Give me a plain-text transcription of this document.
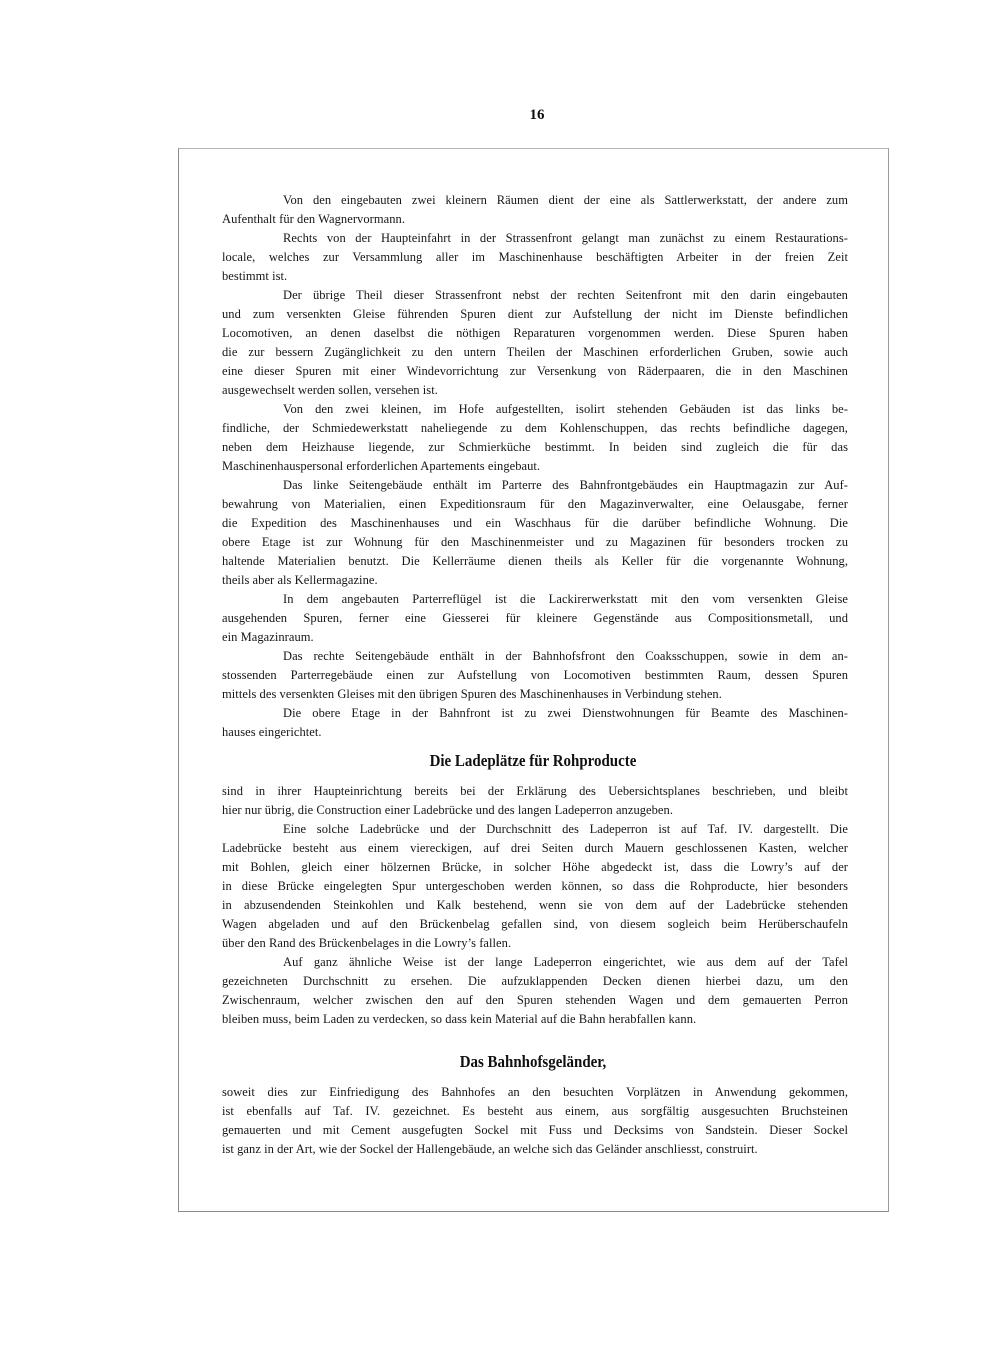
16
Von den eingebauten zwei kleinern Räumen dient der eine als Sattlerwerkstatt, der andere zum
Aufenthalt für den Wagnervormann.
Rechts von der Haupteinfahrt in der Strassenfront gelangt man zunächst zu einem Restaurations-
locale, welches zur Versammlung aller im Maschinenhause beschäftigten Arbeiter in der freien Zeit
bestimmt ist.
Der übrige Theil dieser Strassenfront nebst der rechten Seitenfront mit den darin eingebauten
und zum versenkten Gleise führenden Spuren dient zur Aufstellung der nicht im Dienste befindlichen
Locomotiven, an denen daselbst die nöthigen Reparaturen vorgenommen werden. Diese Spuren haben
die zur bessern Zugänglichkeit zu den untern Theilen der Maschinen erforderlichen Gruben, sowie auch
eine dieser Spuren mit einer Windevorrichtung zur Versenkung von Räderpaaren, die in den Maschinen
ausgewechselt werden sollen, versehen ist.
Von den zwei kleinen, im Hofe aufgestellten, isolirt stehenden Gebäuden ist das links be-
findliche, der Schmiedewerkstatt naheliegende zu dem Kohlenschuppen, das rechts befindliche dagegen,
neben dem Heizhause liegende, zur Schmierküche bestimmt. In beiden sind zugleich die für das
Maschinenhauspersonal erforderlichen Apartements eingebaut.
Das linke Seitengebäude enthält im Parterre des Bahnfrontgebäudes ein Hauptmagazin zur Auf-
bewahrung von Materialien, einen Expeditionsraum für den Magazinverwalter, eine Oelausgabe, ferner
die Expedition des Maschinenhauses und ein Waschhaus für die darüber befindliche Wohnung. Die
obere Etage ist zur Wohnung für den Maschinenmeister und zu Magazinen für besonders trocken zu
haltende Materialien benutzt. Die Kellerräume dienen theils als Keller für die vorgenannte Wohnung,
theils aber als Kellermagazine.
In dem angebauten Parterreflügel ist die Lackirerwerkstatt mit den vom versenkten Gleise
ausgehenden Spuren, ferner eine Giesserei für kleinere Gegenstände aus Compositionsmetall, und
ein Magazinraum.
Das rechte Seitengebäude enthält in der Bahnhofsfront den Coaksschuppen, sowie in dem an-
stossenden Parterregebäude einen zur Aufstellung von Locomotiven bestimmten Raum, dessen Spuren
mittels des versenkten Gleises mit den übrigen Spuren des Maschinenhauses in Verbindung stehen.
Die obere Etage in der Bahnfront ist zu zwei Dienstwohnungen für Beamte des Maschinen-
hauses eingerichtet.
Die Ladeplätze für Rohproducte
sind in ihrer Haupteinrichtung bereits bei der Erklärung des Uebersichtsplanes beschrieben, und bleibt
hier nur übrig, die Construction einer Ladebrücke und des langen Ladeperron anzugeben.
Eine solche Ladebrücke und der Durchschnitt des Ladeperron ist auf Taf. IV. dargestellt. Die
Ladebrücke besteht aus einem viereckigen, auf drei Seiten durch Mauern geschlossenen Kasten, welcher
mit Bohlen, gleich einer hölzernen Brücke, in solcher Höhe abgedeckt ist, dass die Lowry’s auf der
in diese Brücke eingelegten Spur untergeschoben werden können, so dass die Rohproducte, hier besonders
in abzusendenden Steinkohlen und Kalk bestehend, wenn sie von dem auf der Ladebrücke stehenden
Wagen abgeladen und auf den Brückenbelag gefallen sind, von diesem sogleich beim Herüberschaufeln
über den Rand des Brückenbelages in die Lowry’s fallen.
Auf ganz ähnliche Weise ist der lange Ladeperron eingerichtet, wie aus dem auf der Tafel
gezeichneten Durchschnitt zu ersehen. Die aufzuklappenden Decken dienen hierbei dazu, um den
Zwischenraum, welcher zwischen den auf den Spuren stehenden Wagen und dem gemauerten Perron
bleiben muss, beim Laden zu verdecken, so dass kein Material auf die Bahn herabfallen kann.
Das Bahnhofsgeländer,
soweit dies zur Einfriedigung des Bahnhofes an den besuchten Vorplätzen in Anwendung gekommen,
ist ebenfalls auf Taf. IV. gezeichnet. Es besteht aus einem, aus sorgfältig ausgesuchten Bruchsteinen
gemauerten und mit Cement ausgefugten Sockel mit Fuss und Decksims von Sandstein. Dieser Sockel
ist ganz in der Art, wie der Sockel der Hallengebäude, an welche sich das Geländer anschliesst, construirt.
